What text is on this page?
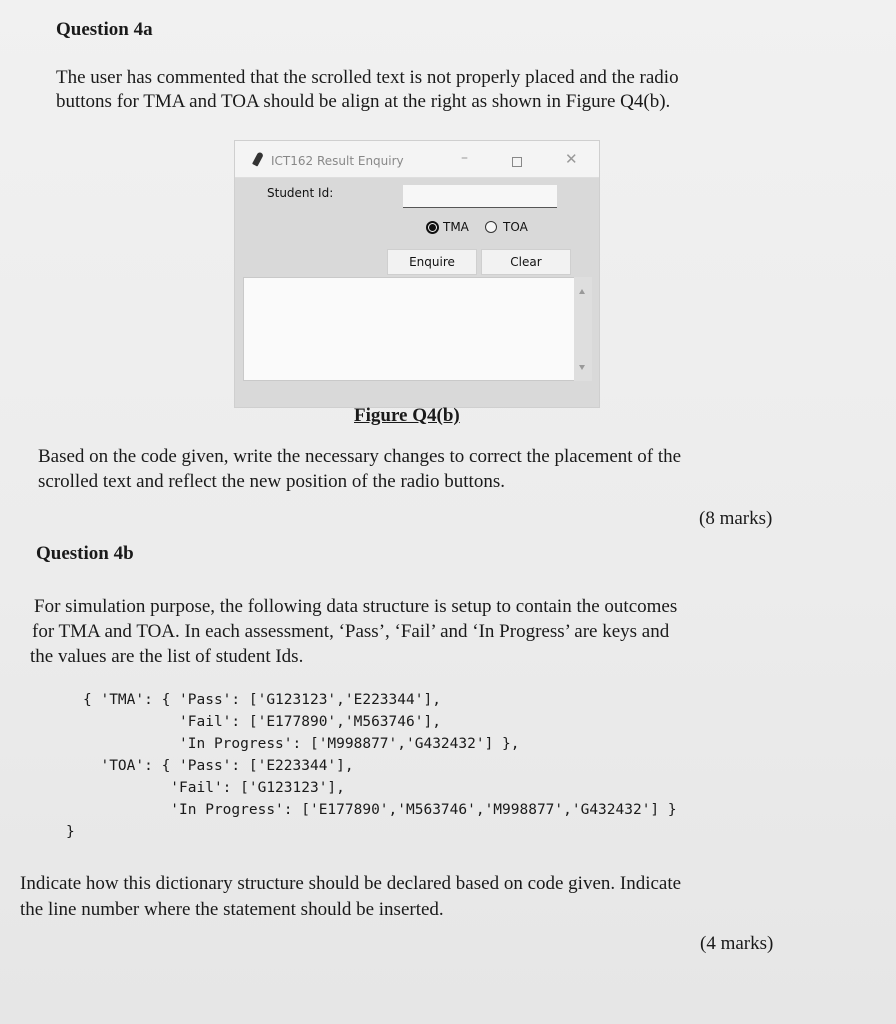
Question 4a
The user has commented that the scrolled text is not properly placed and the radio
buttons for TMA and TOA should be align at the right as shown in Figure Q4(b).
ICT162 Result Enquiry	–	✕
Student Id:
TMA	TOA
Enquire	Clear
Figure Q4(b)
Based on the code given, write the necessary changes to correct the placement of the
scrolled text and reflect the new position of the radio buttons.
(8 marks)
Question 4b
For simulation purpose, the following data structure is setup to contain the outcomes
for TMA and TOA. In each assessment, ‘Pass’, ‘Fail’ and ‘In Progress’ are keys and
the values are the list of student Ids.
{ 'TMA': { 'Pass': ['G123123','E223344'],
'Fail': ['E177890','M563746'],
'In Progress': ['M998877','G432432'] },
'TOA': { 'Pass': ['E223344'],
'Fail': ['G123123'],
'In Progress': ['E177890','M563746','M998877','G432432'] }
}
Indicate how this dictionary structure should be declared based on code given. Indicate
the line number where the statement should be inserted.
(4 marks)
